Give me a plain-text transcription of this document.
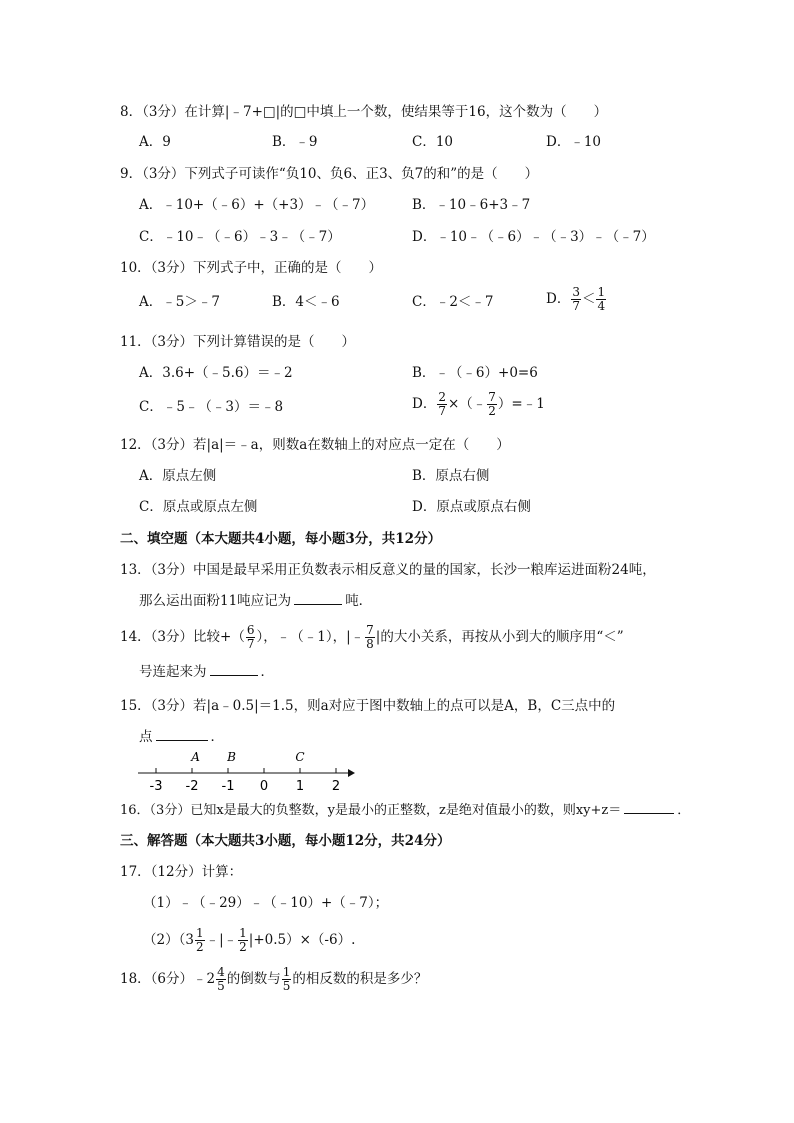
8．（3分）在计算|﹣7+□|的□中填上一个数，使结果等于16，这个数为（　　）
A．9	B．﹣9	C．10	D．﹣10
9．（3分）下列式子可读作“负10、负6、正3、负7的和”的是（　　）
A．﹣10+（﹣6）+（+3）﹣（﹣7）	B．﹣10﹣6+3﹣7
C．﹣10﹣（﹣6）﹣3﹣（﹣7）	D．﹣10﹣（﹣6）﹣（﹣3）﹣（﹣7）
10．（3分）下列式子中，正确的是（　　）
A．﹣5＞﹣7	B．4＜﹣6	C．﹣2＜﹣7	D． $\frac{3}{7} < \frac{1}{4}$
11．（3分）下列计算错误的是（　　）
A．3.6+（﹣5.6）＝﹣2	B．﹣（﹣6）+0=6
C．﹣5﹣（﹣3）＝﹣8	D． $\frac{2}{7}$ ×（﹣ $\frac{7}{2}$ ）=﹣1
12．（3分）若|a|＝﹣a，则数a在数轴上的对应点一定在（　　）
A．原点左侧	B．原点右侧
C．原点或原点左侧	D．原点或原点右侧
二、填空题（本大题共4小题，每小题3分，共12分）
13．（3分）中国是最早采用正负数表示相反意义的量的国家，长沙一粮库运进面粉24吨，
那么运出面粉11吨应记为	吨．
14．（3分）比较+（ $\frac{6}{7}$ ），﹣（﹣1），|﹣ $\frac{7}{8}$ |的大小关系，再按从小到大的顺序用“＜”
号连起来为	．
15．（3分）若|a﹣0.5|＝1.5，则a对应于图中数轴上的点可以是A，B，C三点中的
点	．
-3 -2 -1 0 1 2
A B	C
16．（3分）已知x是最大的负整数，y是最小的正整数，z是绝对值最小的数，则xy+z＝	．
三、解答题（本大题共3小题，每小题12分，共24分）
17．（12分）计算：
（1）﹣（﹣29）﹣（﹣10）+（﹣7）；
$(2)(3 \frac{1}{2}$ ﹣|﹣ $\frac{1}{2} |+0.5)\times(-6)$.
18．（6分）﹣2 $\frac{4}{5}$ 的倒数与 $\frac{1}{5}$ 的相反数的积是多少？
